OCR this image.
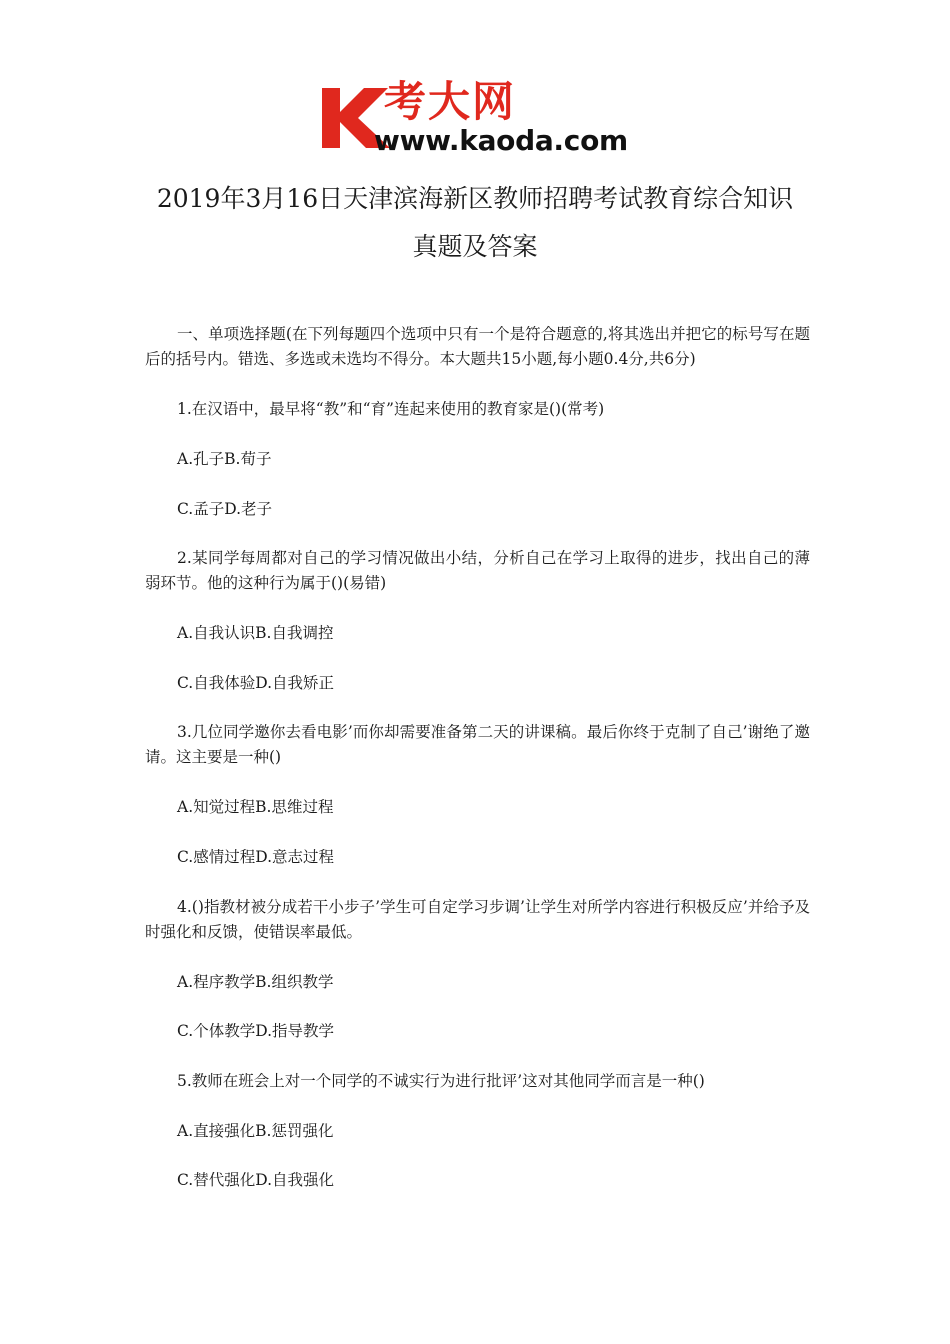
考大网
www.kaoda.com
2019年3月16日天津滨海新区教师招聘考试教育综合知识
真题及答案
一、单项选择题(在下列每题四个选项中只有一个是符合题意的,将其选出并把它的标号写在题后的括号内。错选、多选或未选均不得分。本大题共15小题,每小题0.4分,共6分)
1.在汉语中，最早将“教”和“育”连起来使用的教育家是()(常考)
A.孔子B.荀子
C.孟子D.老子
2.某同学每周都对自己的学习情况做出小结，分析自己在学习上取得的进步，找出自己的薄弱环节。他的这种行为属于()(易错)
A.自我认识B.自我调控
C.自我体验D.自我矫正
3.几位同学邀你去看电影’而你却需要准备第二天的讲课稿。最后你终于克制了自己’谢绝了邀请。这主要是一种()
A.知觉过程B.思维过程
C.感情过程D.意志过程
4.()指教材被分成若干小步子’学生可自定学习步调’让学生对所学内容进行积极反应’并给予及时强化和反馈，使错误率最低。
A.程序教学B.组织教学
C.个体教学D.指导教学
5.教师在班会上对一个同学的不诚实行为进行批评’这对其他同学而言是一种()
A.直接强化B.惩罚强化
C.替代强化D.自我强化
